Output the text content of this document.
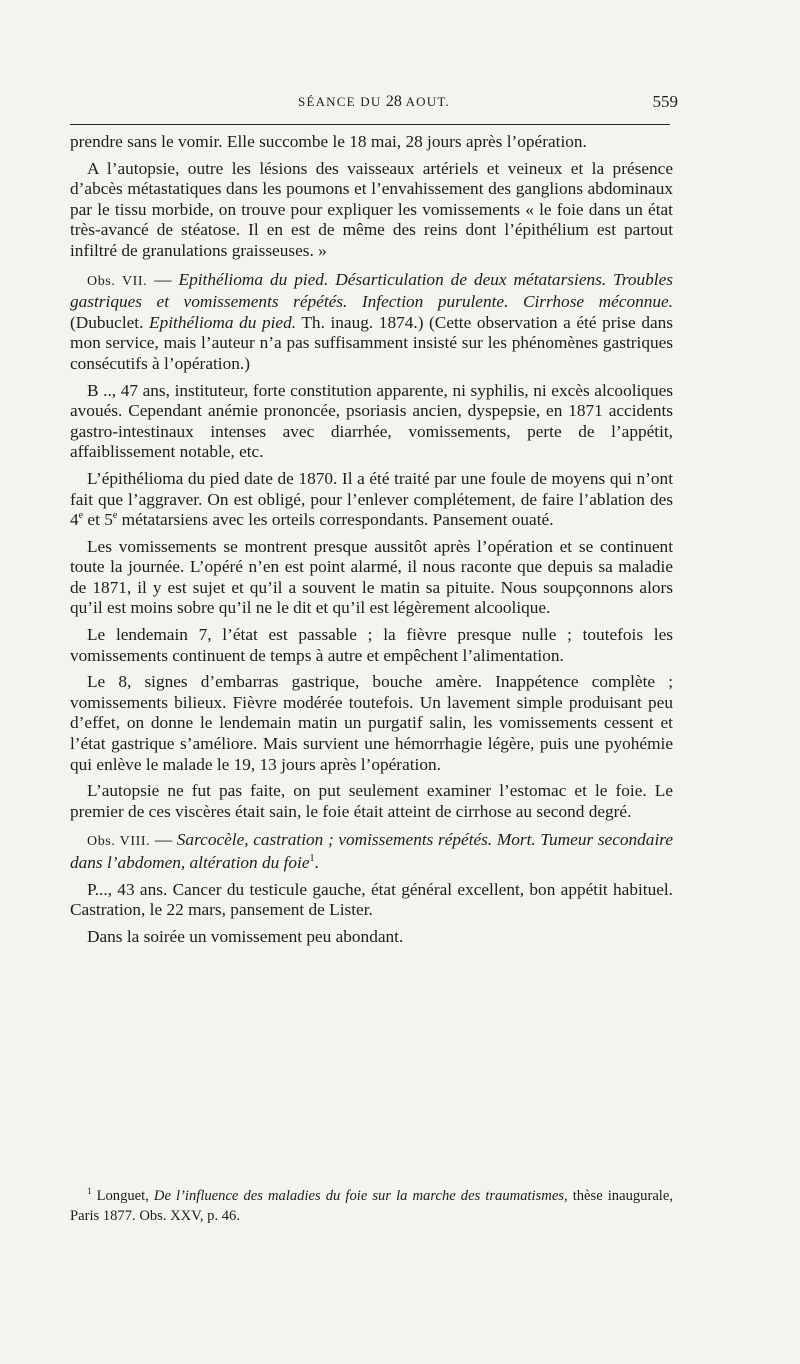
SÉANCE DU 28 AOUT.	559

prendre sans le vomir. Elle succombe le 18 mai, 28 jours après l’opération.

A l’autopsie, outre les lésions des vaisseaux artériels et veineux et la présence d’abcès métastatiques dans les poumons et l’envahissement des ganglions abdominaux par le tissu morbide, on trouve pour expliquer les vomissements « le foie dans un état très-avancé de stéatose. Il en est de même des reins dont l’épithélium est partout infiltré de granulations graisseuses. »

Obs. VII. — Epithélioma du pied. Désarticulation de deux métatarsiens. Troubles gastriques et vomissements répétés. Infection purulente. Cirrhose méconnue. (Dubuclet. Epithélioma du pied. Th. inaug. 1874.) (Cette observation a été prise dans mon service, mais l’auteur n’a pas suffisamment insisté sur les phénomènes gastriques consécutifs à l’opération.)

B .., 47 ans, instituteur, forte constitution apparente, ni syphilis, ni excès alcooliques avoués. Cependant anémie prononcée, psoriasis ancien, dyspepsie, en 1871 accidents gastro-intestinaux intenses avec diarrhée, vomissements, perte de l’appétit, affaiblissement notable, etc.

L’épithélioma du pied date de 1870. Il a été traité par une foule de moyens qui n’ont fait que l’aggraver. On est obligé, pour l’enlever complétement, de faire l’ablation des 4e et 5e métatarsiens avec les orteils correspondants. Pansement ouaté.

Les vomissements se montrent presque aussitôt après l’opération et se continuent toute la journée. L’opéré n’en est point alarmé, il nous raconte que depuis sa maladie de 1871, il y est sujet et qu’il a souvent le matin sa pituite. Nous soupçonnons alors qu’il est moins sobre qu’il ne le dit et qu’il est légèrement alcoolique.

Le lendemain 7, l’état est passable ; la fièvre presque nulle ; toutefois les vomissements continuent de temps à autre et empêchent l’alimentation.

Le 8, signes d’embarras gastrique, bouche amère. Inappétence complète ; vomissements bilieux. Fièvre modérée toutefois. Un lavement simple produisant peu d’effet, on donne le lendemain matin un purgatif salin, les vomissements cessent et l’état gastrique s’améliore. Mais survient une hémorrhagie légère, puis une pyohémie qui enlève le malade le 19, 13 jours après l’opération.

L’autopsie ne fut pas faite, on put seulement examiner l’estomac et le foie. Le premier de ces viscères était sain, le foie était atteint de cirrhose au second degré.

Obs. VIII. — Sarcocèle, castration ; vomissements répétés. Mort. Tumeur secondaire dans l’abdomen, altération du foie$^1$.

P..., 43 ans. Cancer du testicule gauche, état général excellent, bon appétit habituel. Castration, le 22 mars, pansement de Lister.

Dans la soirée un vomissement peu abondant.

$^1$ Longuet, De l’influence des maladies du foie sur la marche des traumatismes, thèse inaugurale, Paris 1877. Obs. XXV, p. 46.
